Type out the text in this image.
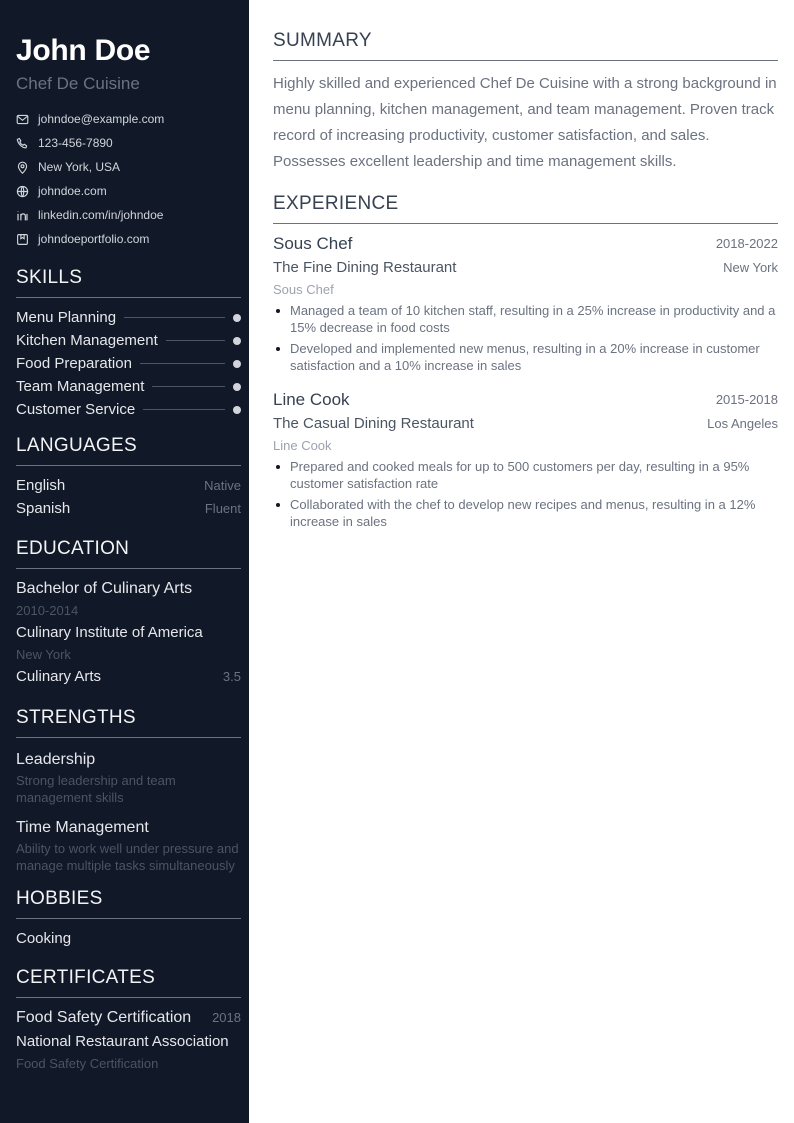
John Doe
Chef De Cuisine
johndoe@example.com
123-456-7890
New York, USA
johndoe.com
linkedin.com/in/johndoe
johndoeportfolio.com
SKILLS
Menu Planning
Kitchen Management
Food Preparation
Team Management
Customer Service
LANGUAGES
English	Native
Spanish	Fluent
EDUCATION
Bachelor of Culinary Arts
2010-2014
Culinary Institute of America
New York
Culinary Arts	3.5
STRENGTHS
Leadership
Strong leadership and team management skills
Time Management
Ability to work well under pressure and manage multiple tasks simultaneously
HOBBIES
Cooking
CERTIFICATES
Food Safety Certification 2018
National Restaurant Association
Food Safety Certification
SUMMARY

Highly skilled and experienced Chef De Cuisine with a strong background in menu planning, kitchen management, and team management. Proven track record of increasing productivity, customer satisfaction, and sales. Possesses excellent leadership and time management skills.

EXPERIENCE
Sous Chef	2018-2022
The Fine Dining Restaurant	New York
Sous Chef
Managed a team of 10 kitchen staff, resulting in a 25% increase in productivity and a 15% decrease in food costs
Developed and implemented new menus, resulting in a 20% increase in customer satisfaction and a 10% increase in sales
Line Cook	2015-2018
The Casual Dining Restaurant	Los Angeles
Line Cook
Prepared and cooked meals for up to 500 customers per day, resulting in a 95% customer satisfaction rate
Collaborated with the chef to develop new recipes and menus, resulting in a 12% increase in sales
